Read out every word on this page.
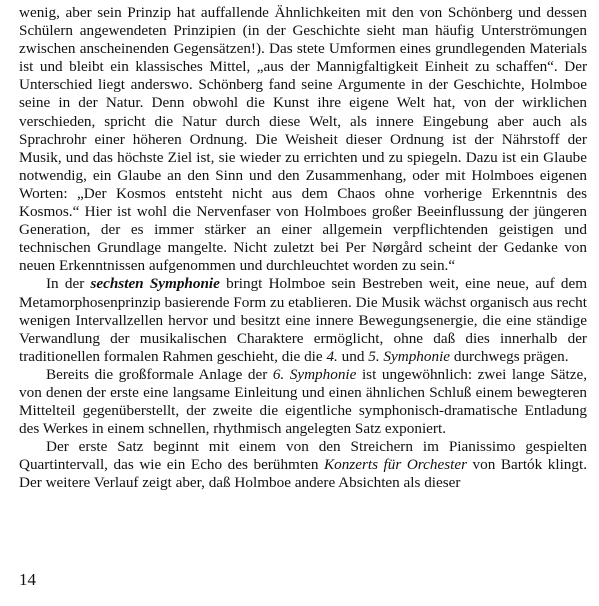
wenig, aber sein Prinzip hat auffallende Ähnlichkeiten mit den von Schönberg und dessen Schülern angewendeten Prinzipien (in der Geschichte sieht man häufig Unterströmungen zwischen anscheinenden Gegensätzen!). Das stete Umformen eines grundlegenden Materials ist und bleibt ein klassisches Mittel, „aus der Mannigfaltigkeit Einheit zu schaffen“. Der Unterschied liegt anderswo. Schönberg fand seine Argumente in der Geschichte, Holmboe seine in der Natur. Denn obwohl die Kunst ihre eigene Welt hat, von der wirklichen verschieden, spricht die Natur durch diese Welt, als innere Eingebung aber auch als Sprachrohr einer höheren Ordnung. Die Weisheit dieser Ordnung ist der Nährstoff der Musik, und das höchste Ziel ist, sie wieder zu errichten und zu spiegeln. Dazu ist ein Glaube notwendig, ein Glaube an den Sinn und den Zusammenhang, oder mit Holmboes eigenen Worten: „Der Kosmos entsteht nicht aus dem Chaos ohne vorherige Erkenntnis des Kosmos.“ Hier ist wohl die Nervenfaser von Holmboes großer Beeinflussung der jüngeren Generation, der es immer stärker an einer allgemein verpflichtenden geistigen und technischen Grundlage mangelte. Nicht zuletzt bei Per Nørgård scheint der Gedanke von neuen Erkenntnissen aufgenommen und durchleuchtet worden zu sein.“

In der sechsten Symphonie bringt Holmboe sein Bestreben weit, eine neue, auf dem Metamorphosenprinzip basierende Form zu etablieren. Die Musik wächst organisch aus recht wenigen Intervallzellen hervor und besitzt eine innere Bewegungsenergie, die eine ständige Verwandlung der musikalischen Charaktere ermöglicht, ohne daß dies innerhalb der traditionellen formalen Rahmen geschieht, die die 4. und 5. Symphonie durchwegs prägen.

Bereits die großformale Anlage der 6. Symphonie ist ungewöhnlich: zwei lange Sätze, von denen der erste eine langsame Einleitung und einen ähnlichen Schluß einem bewegteren Mittelteil gegenüberstellt, der zweite die eigentliche symphonisch-dramatische Entladung des Werkes in einem schnellen, rhythmisch angelegten Satz exponiert.

Der erste Satz beginnt mit einem von den Streichern im Pianissimo gespielten Quartintervall, das wie ein Echo des berühmten Konzerts für Orchester von Bartók klingt. Der weitere Verlauf zeigt aber, daß Holmboe andere Absichten als dieser

14
